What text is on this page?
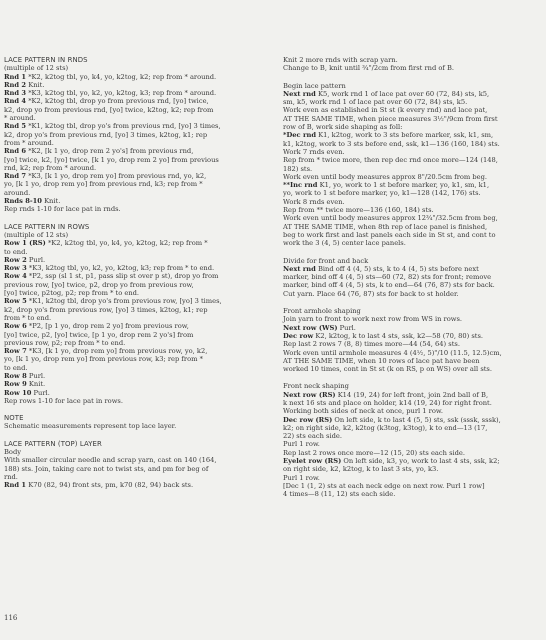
LACE PATTERN IN RNDS
(multiple of 12 sts)
Rnd 1 *K2, k2tog tbl, yo, k4, yo, k2tog, k2; rep from * around.
Rnd 2 Knit.
Rnd 3 *K3, k2tog tbl, yo, k2, yo, k2tog, k3; rep from * around.
Rnd 4 *K2, k2tog tbl, drop yo from previous rnd, [yo] twice,
k2, drop yo from previous rnd, [yo] twice, k2tog, k2; rep from
* around.
Rnd 5 *K1, k2tog tbl, drop yo's from previous rnd, [yo] 3 times,
k2, drop yo's from previous rnd, [yo] 3 times, k2tog, k1; rep
from * around.
Rnd 6 *K2, [k 1 yo, drop rem 2 yo's] from previous rnd,
[yo] twice, k2, [yo] twice, [k 1 yo, drop rem 2 yo] from previous
rnd, k2; rep from * around.
Rnd 7 *K3, [k 1 yo, drop rem yo] from previous rnd, yo, k2,
yo, [k 1 yo, drop rem yo] from previous rnd, k3; rep from *
around.
Rnds 8-10 Knit.
Rep rnds 1-10 for lace pat in rnds.
LACE PATTERN IN ROWS
(multiple of 12 sts)
Row 1 (RS) *K2, k2tog tbl, yo, k4, yo, k2tog, k2; rep from *
to end.
Row 2 Purl.
Row 3 *K3, k2tog tbl, yo, k2, yo, k2tog, k3; rep from * to end.
Row 4 *P2, ssp (sl 1 st, p1, pass slip st over p st), drop yo from
previous row, [yo] twice, p2, drop yo from previous row,
[yo] twice, p2tog, p2; rep from * to end.
Row 5 *K1, k2tog tbl, drop yo's from previous row, [yo] 3 times,
k2, drop yo's from previous row, [yo] 3 times, k2tog, k1; rep
from * to end.
Row 6 *P2, [p 1 yo, drop rem 2 yo] from previous row,
[yo] twice, p2, [yo] twice, [p 1 yo, drop rem 2 yo's] from
previous row, p2; rep from * to end.
Row 7 *K3, [k 1 yo, drop rem yo] from previous row, yo, k2,
yo, [k 1 yo, drop rem yo] from previous row, k3; rep from *
to end.
Row 8 Purl.
Row 9 Knit.
Row 10 Purl.
Rep rows 1-10 for lace pat in rows.
NOTE
Schematic measurements represent top lace layer.
LACE PATTERN (TOP) LAYER
Body
With smaller circular needle and scrap yarn, cast on 140 (164,
188) sts. Join, taking care not to twist sts, and pm for beg of
rnd.
Rnd 1 K70 (82, 94) front sts, pm, k70 (82, 94) back sts.
Knit 2 more rnds with scrap yarn.
Change to B, knit until ¾"/2cm from first rnd of B.
Begin lace pattern
Next rnd K5, work rnd 1 of lace pat over 60 (72, 84) sts, k5,
sm, k5, work rnd 1 of lace pat over 60 (72, 84) sts, k5.
Work even as established in St st (k every rnd) and lace pat,
AT THE SAME TIME, when piece measures 3½"/9cm from first
row of B, work side shaping as foll:
*Dec rnd K1, k2tog, work to 3 sts before marker, ssk, k1, sm,
k1, k2tog, work to 3 sts before end, ssk, k1—136 (160, 184) sts.
Work 7 rnds even.
Rep from * twice more, then rep dec rnd once more—124 (148,
182) sts.
Work even until body measures approx 8"/20.5cm from beg.
**Inc rnd K1, yo, work to 1 st before marker, yo, k1, sm, k1,
yo, work to 1 st before marker, yo, k1—128 (142, 176) sts.
Work 8 rnds even.
Rep from ** twice more—136 (160, 184) sts.
Work even until body measures approx 12¾"/32.5cm from beg,
AT THE SAME TIME, when 8th rep of lace panel is finished,
beg to work first and last panels each side in St st, and cont to
work the 3 (4, 5) center lace panels.
Divide for front and back
Next rnd Bind off 4 (4, 5) sts, k to 4 (4, 5) sts before next
marker, bind off 4 (4, 5) sts—60 (72, 82) sts for front; remove
marker, bind off 4 (4, 5) sts, k to end—64 (76, 87) sts for back.
Cut yarn. Place 64 (76, 87) sts for back to st holder.
Front armhole shaping
Join yarn to front to work next row from WS in rows.
Next row (WS) Purl.
Dec row K2, k2tog, k to last 4 sts, ssk, k2—58 (70, 80) sts.
Rep last 2 rows 7 (8, 8) times more—44 (54, 64) sts.
Work even until armhole measures 4 (4½, 5)"/10 (11.5, 12.5)cm,
AT THE SAME TIME, when 10 rows of lace pat have been
worked 10 times, cont in St st (k on RS, p on WS) over all sts.
Front neck shaping
Next row (RS) K14 (19, 24) for left front, join 2nd ball of B,
k next 16 sts and place on holder, k14 (19, 24) for right front.
Working both sides of neck at once, purl 1 row.
Dec row (RS) On left side, k to last 4 (5, 5) sts, ssk (sssk, sssk),
k2; on right side, k2, k2tog (k3tog, k3tog), k to end—13 (17,
22) sts each side.
Purl 1 row.
Rep last 2 rows once more—12 (15, 20) sts each side.
Eyelet row (RS) On left side, k3, yo, work to last 4 sts, ssk, k2;
on right side, k2, k2tog, k to last 3 sts, yo, k3.
Purl 1 row.
[Dec 1 (1, 2) sts at each neck edge on next row. Purl 1 row]
4 times—8 (11, 12) sts each side.
116
